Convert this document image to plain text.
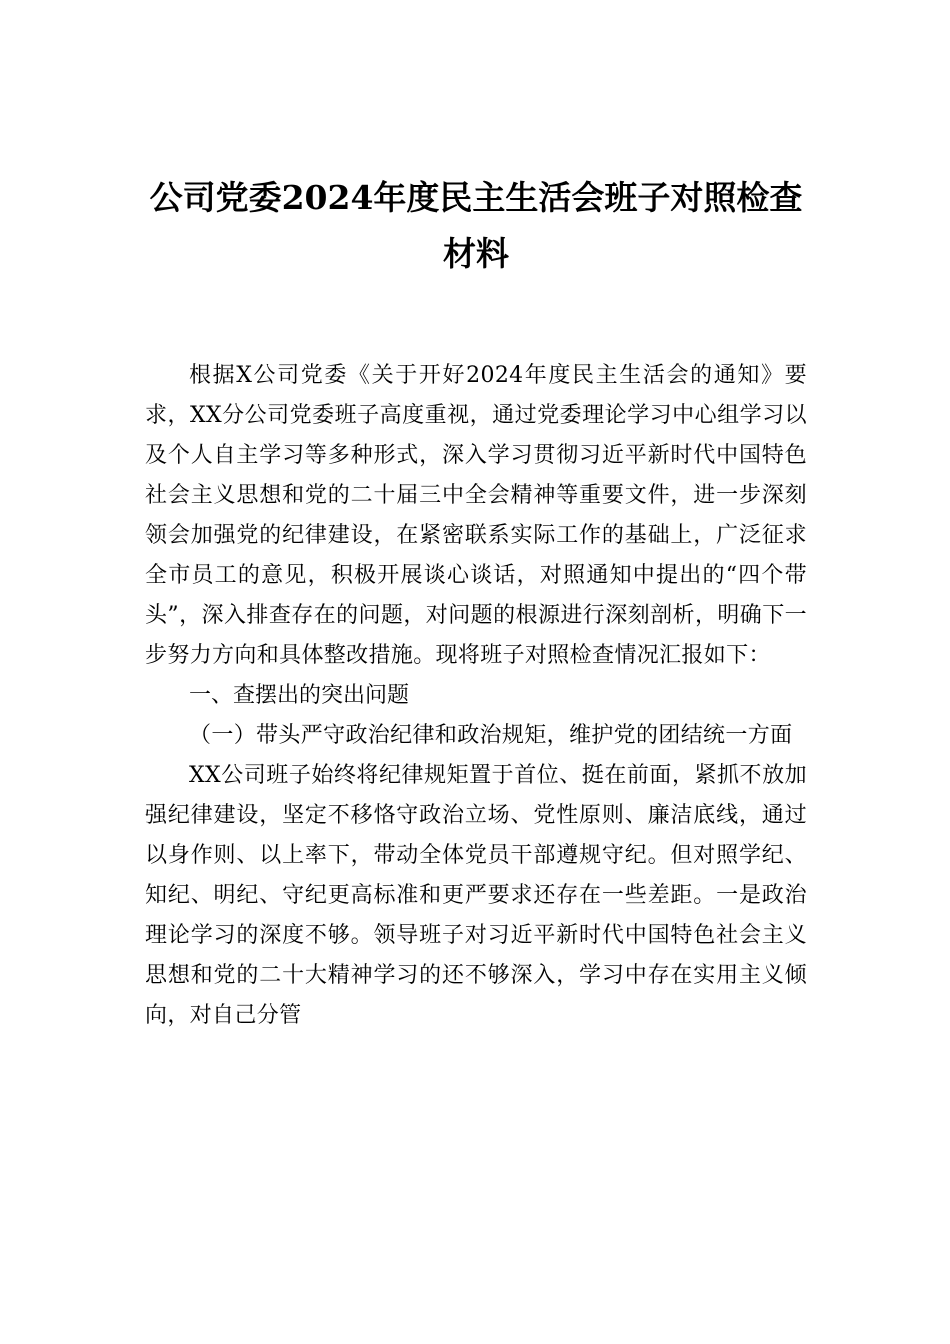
公司党委2024年度民主生活会班子对照检查材料

根据X公司党委《关于开好2024年度民主生活会的通知》要求，XX分公司党委班子高度重视，通过党委理论学习中心组学习以及个人自主学习等多种形式，深入学习贯彻习近平新时代中国特色社会主义思想和党的二十届三中全会精神等重要文件，进一步深刻领会加强党的纪律建设，在紧密联系实际工作的基础上，广泛征求全市员工的意见，积极开展谈心谈话，对照通知中提出的“四个带头”，深入排查存在的问题，对问题的根源进行深刻剖析，明确下一步努力方向和具体整改措施。现将班子对照检查情况汇报如下：

一、查摆出的突出问题

（一）带头严守政治纪律和政治规矩，维护党的团结统一方面

XX公司班子始终将纪律规矩置于首位、挺在前面，紧抓不放加强纪律建设，坚定不移恪守政治立场、党性原则、廉洁底线，通过以身作则、以上率下，带动全体党员干部遵规守纪。但对照学纪、知纪、明纪、守纪更高标准和更严要求还存在一些差距。一是政治理论学习的深度不够。领导班子对习近平新时代中国特色社会主义思想和党的二十大精神学习的还不够深入，学习中存在实用主义倾向，对自己分管
